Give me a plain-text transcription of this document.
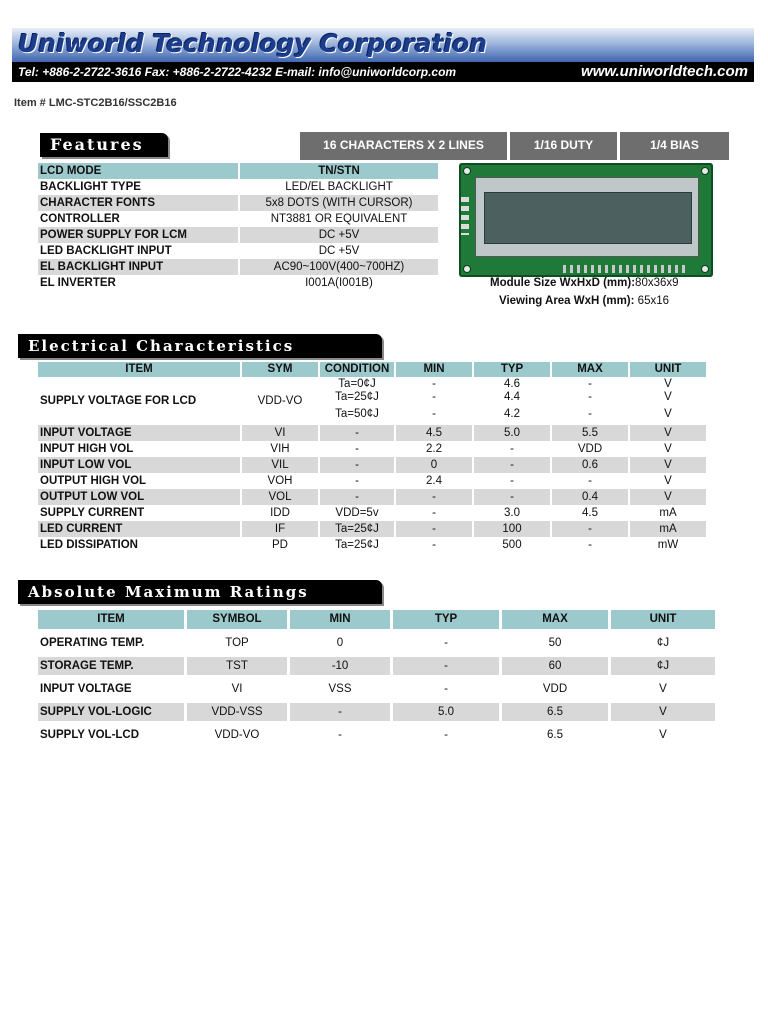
Uniworld Technology Corporation
Tel: +886-2-2722-3616 Fax: +886-2-2722-4232 E-mail: info@uniworldcorp.com	www.uniworldtech.com
Item # LMC-STC2B16/SSC2B16
Features	16 CHARACTERS X 2 LINES	1/16 DUTY	1/4 BIAS
LCD MODE	TN/STN
BACKLIGHT TYPE	LED/EL BACKLIGHT
CHARACTER FONTS	5x8 DOTS (WITH CURSOR)
CONTROLLER	NT3881 OR EQUIVALENT
POWER SUPPLY FOR LCM	DC +5V
LED BACKLIGHT INPUT	DC +5V
EL BACKLIGHT INPUT	AC90~100V(400~700HZ)
EL INVERTER	I001A(I001B)	Module Size WxHxD (mm):80x36x9
Viewing Area WxH (mm): 65x16
Electrical Characteristics
ITEM	SYM	CONDITION	MIN	TYP	MAX	UNIT
SUPPLY VOLTAGE FOR LCD	VDD-VO	Ta=0¢J	-	4.6	-	V
		Ta=25¢J	-	4.4	-	V
		Ta=50¢J	-	4.2	-	V
INPUT VOLTAGE	VI	-	4.5	5.0	5.5	V
INPUT HIGH VOL	VIH	-	2.2	-	VDD	V
INPUT LOW VOL	VIL	-	0	-	0.6	V
OUTPUT HIGH VOL	VOH	-	2.4	-	-	V
OUTPUT LOW VOL	VOL	-	-	-	0.4	V
SUPPLY CURRENT	IDD	VDD=5v	-	3.0	4.5	mA
LED CURRENT	IF	Ta=25¢J	-	100	-	mA
LED DISSIPATION	PD	Ta=25¢J	-	500	-	mW
Absolute Maximum Ratings
ITEM	SYMBOL	MIN	TYP	MAX	UNIT
OPERATING TEMP.	TOP	0	-	50	¢J
STORAGE TEMP.	TST	-10	-	60	¢J
INPUT VOLTAGE	VI	VSS	-	VDD	V
SUPPLY VOL-LOGIC	VDD-VSS	-	5.0	6.5	V
SUPPLY VOL-LCD	VDD-VO	-	-	6.5	V
